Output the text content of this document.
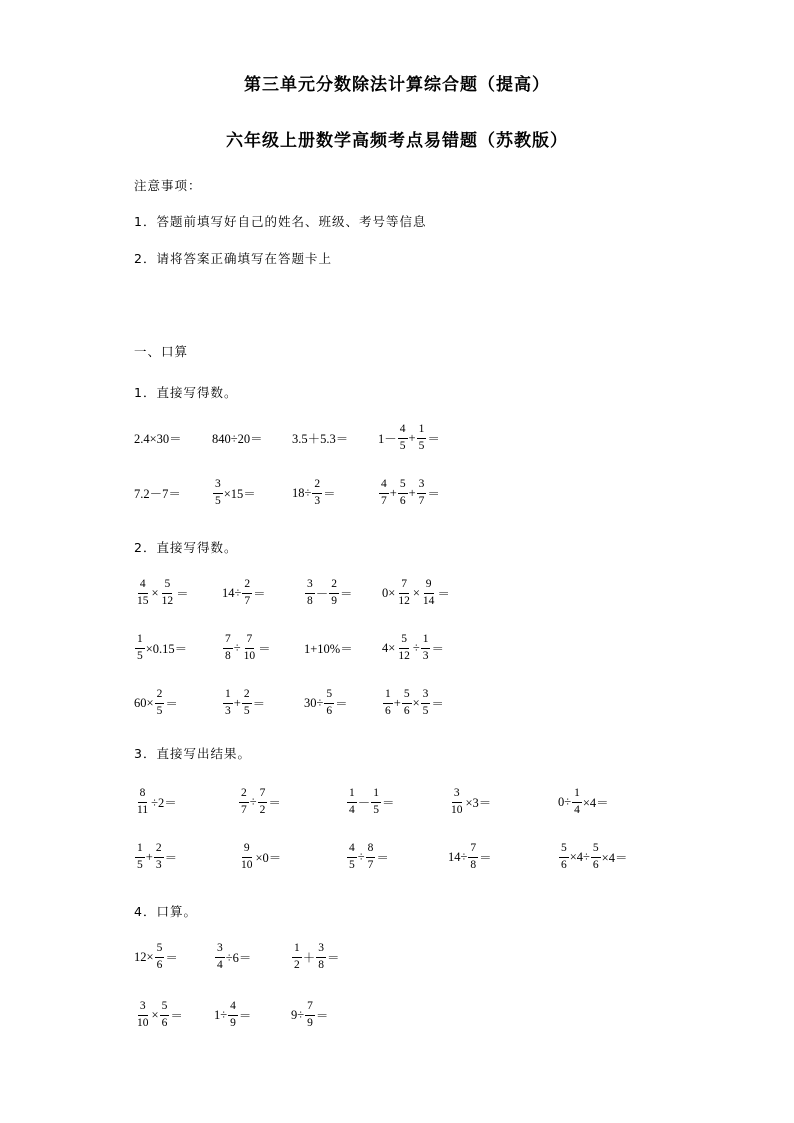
第三单元分数除法计算综合题（提高）
六年级上册数学高频考点易错题（苏教版）
注意事项：
1．答题前填写好自己的姓名、班级、考号等信息
2．请将答案正确填写在答题卡上
一、口算
1．直接写得数。
2．直接写得数。
3．直接写出结果。
4．口算。
$2.4\times 30= 840\div 20= 3.5+5.3= 1- \frac{4}{5} + \frac{1}{5}$ ＝
7.2－7＝	$\frac{3}{5} \times 15=$	$18\div \frac{2}{3}$ ＝	$\frac{4}{7} + \frac{5}{6} + \frac{3}{7}$ ＝
$\frac{4}{15} \times \frac{5}{12}$ ＝	$14\div \frac{2}{7}$ ＝	$\frac{3}{8} - \frac{2}{9} = 0\times \frac{7}{12} \times \frac{9}{14}$ ＝
$\frac{1}{5} \times 0.15=$	$\frac{7}{8} \div \frac{7}{10}$ ＝	$1+10\%= 4\times \frac{5}{12} \div \frac{1}{3}$ ＝
$60\times \frac{2}{5}$ ＝	$\frac{1}{3} + \frac{2}{5}$ ＝	$30\div \frac{5}{6}$ ＝	$\frac{1}{6} + \frac{5}{6} \times \frac{3}{5}$ ＝
$\frac{8}{11} \div 2=$	$\frac{2}{7} \div \frac{7}{2}$ ＝	$\frac{1}{4} - \frac{1}{5}$ ＝	$\frac{3}{10} \times 3=$	$0\div \frac{1}{4} \times 4=$
$\frac{1}{5} + \frac{2}{3}$ ＝	$\frac{9}{10} \times 0=$	$\frac{4}{5} \div \frac{8}{7}$ ＝	$14\div \frac{7}{8}$ ＝	$\frac{5}{6} \times 4\div \frac{5}{6} \times 4=$
$12\times \frac{5}{6}$ ＝	$\frac{3}{4} \div 6=$	$\frac{1}{2} + \frac{3}{8}$ ＝
$\frac{3}{10} \times \frac{5}{6} = 1\div \frac{4}{9}$ ＝	$9\div \frac{7}{9}$ ＝
